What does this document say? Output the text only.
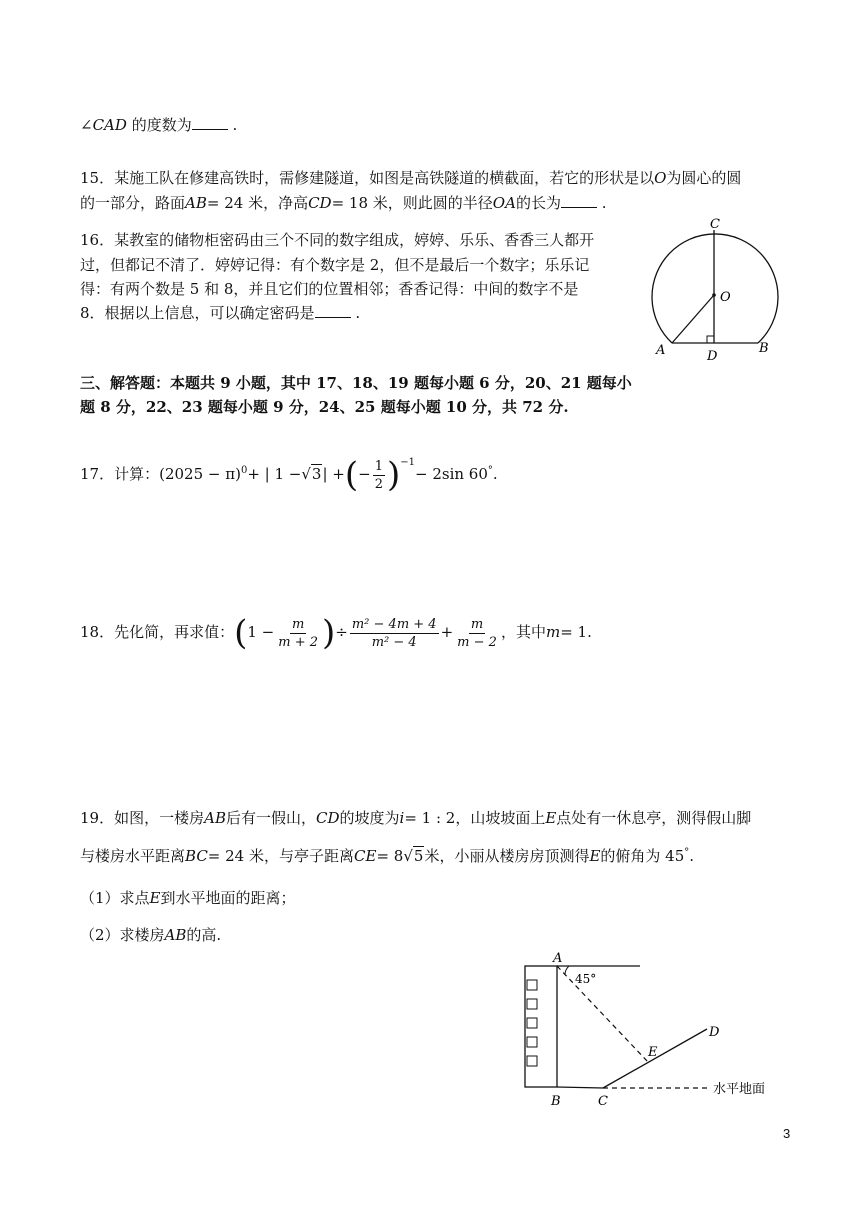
∠CAD 的度数为	.
15．某施工队在修建高铁时，需修建隧道，如图是高铁隧道的横截面，若它的形状是以O为圆心的圆
的一部分，路面AB= 24 米，净高CD= 18 米，则此圆的半径OA的长为	.
16．某教室的储物柜密码由三个不同的数字组成，婷婷、乐乐、香香三人都开
过，但都记不清了．婷婷记得：有个数字是 2，但不是最后一个数字；乐乐记
得：有两个数是 5 和 8，并且它们的位置相邻；香香记得：中间的数字不是
8．根据以上信息，可以确定密码是	.
C
O
A	D
B
三、解答题：本题共 9 小题，其中 17、18、19 题每小题 6 分，20、21 题每小
题 8 分，22、23 题每小题 9 分，24、25 题每小题 10 分，共 72 分.
17．计算：$(2025 - \pi)^0+$ | 1 −√3| +(− $\frac{1}{2} )^{-1}- 2\sin$ 60°.
18．先化简，再求值：($1 - \frac{m}{m + 2}$ )÷ $\frac{\text{m² − 4m + 4}}{\text{m² − 4}} + \frac{m}{m - 2}$ ，其中m= 1.
19．如图，一楼房AB后有一假山，CD的坡度为i= 1 : 2，山坡坡面上E点处有一休息亭，测得假山脚
与楼房水平距离BC= 24 米，与亭子距离CE= 8√5米，小丽从楼房房顶测得E的俯角为 45°.
（1）求点E到水平地面的距离；
（2）求楼房AB的高.
A
45°
E
D
B	C
水平地面
3
